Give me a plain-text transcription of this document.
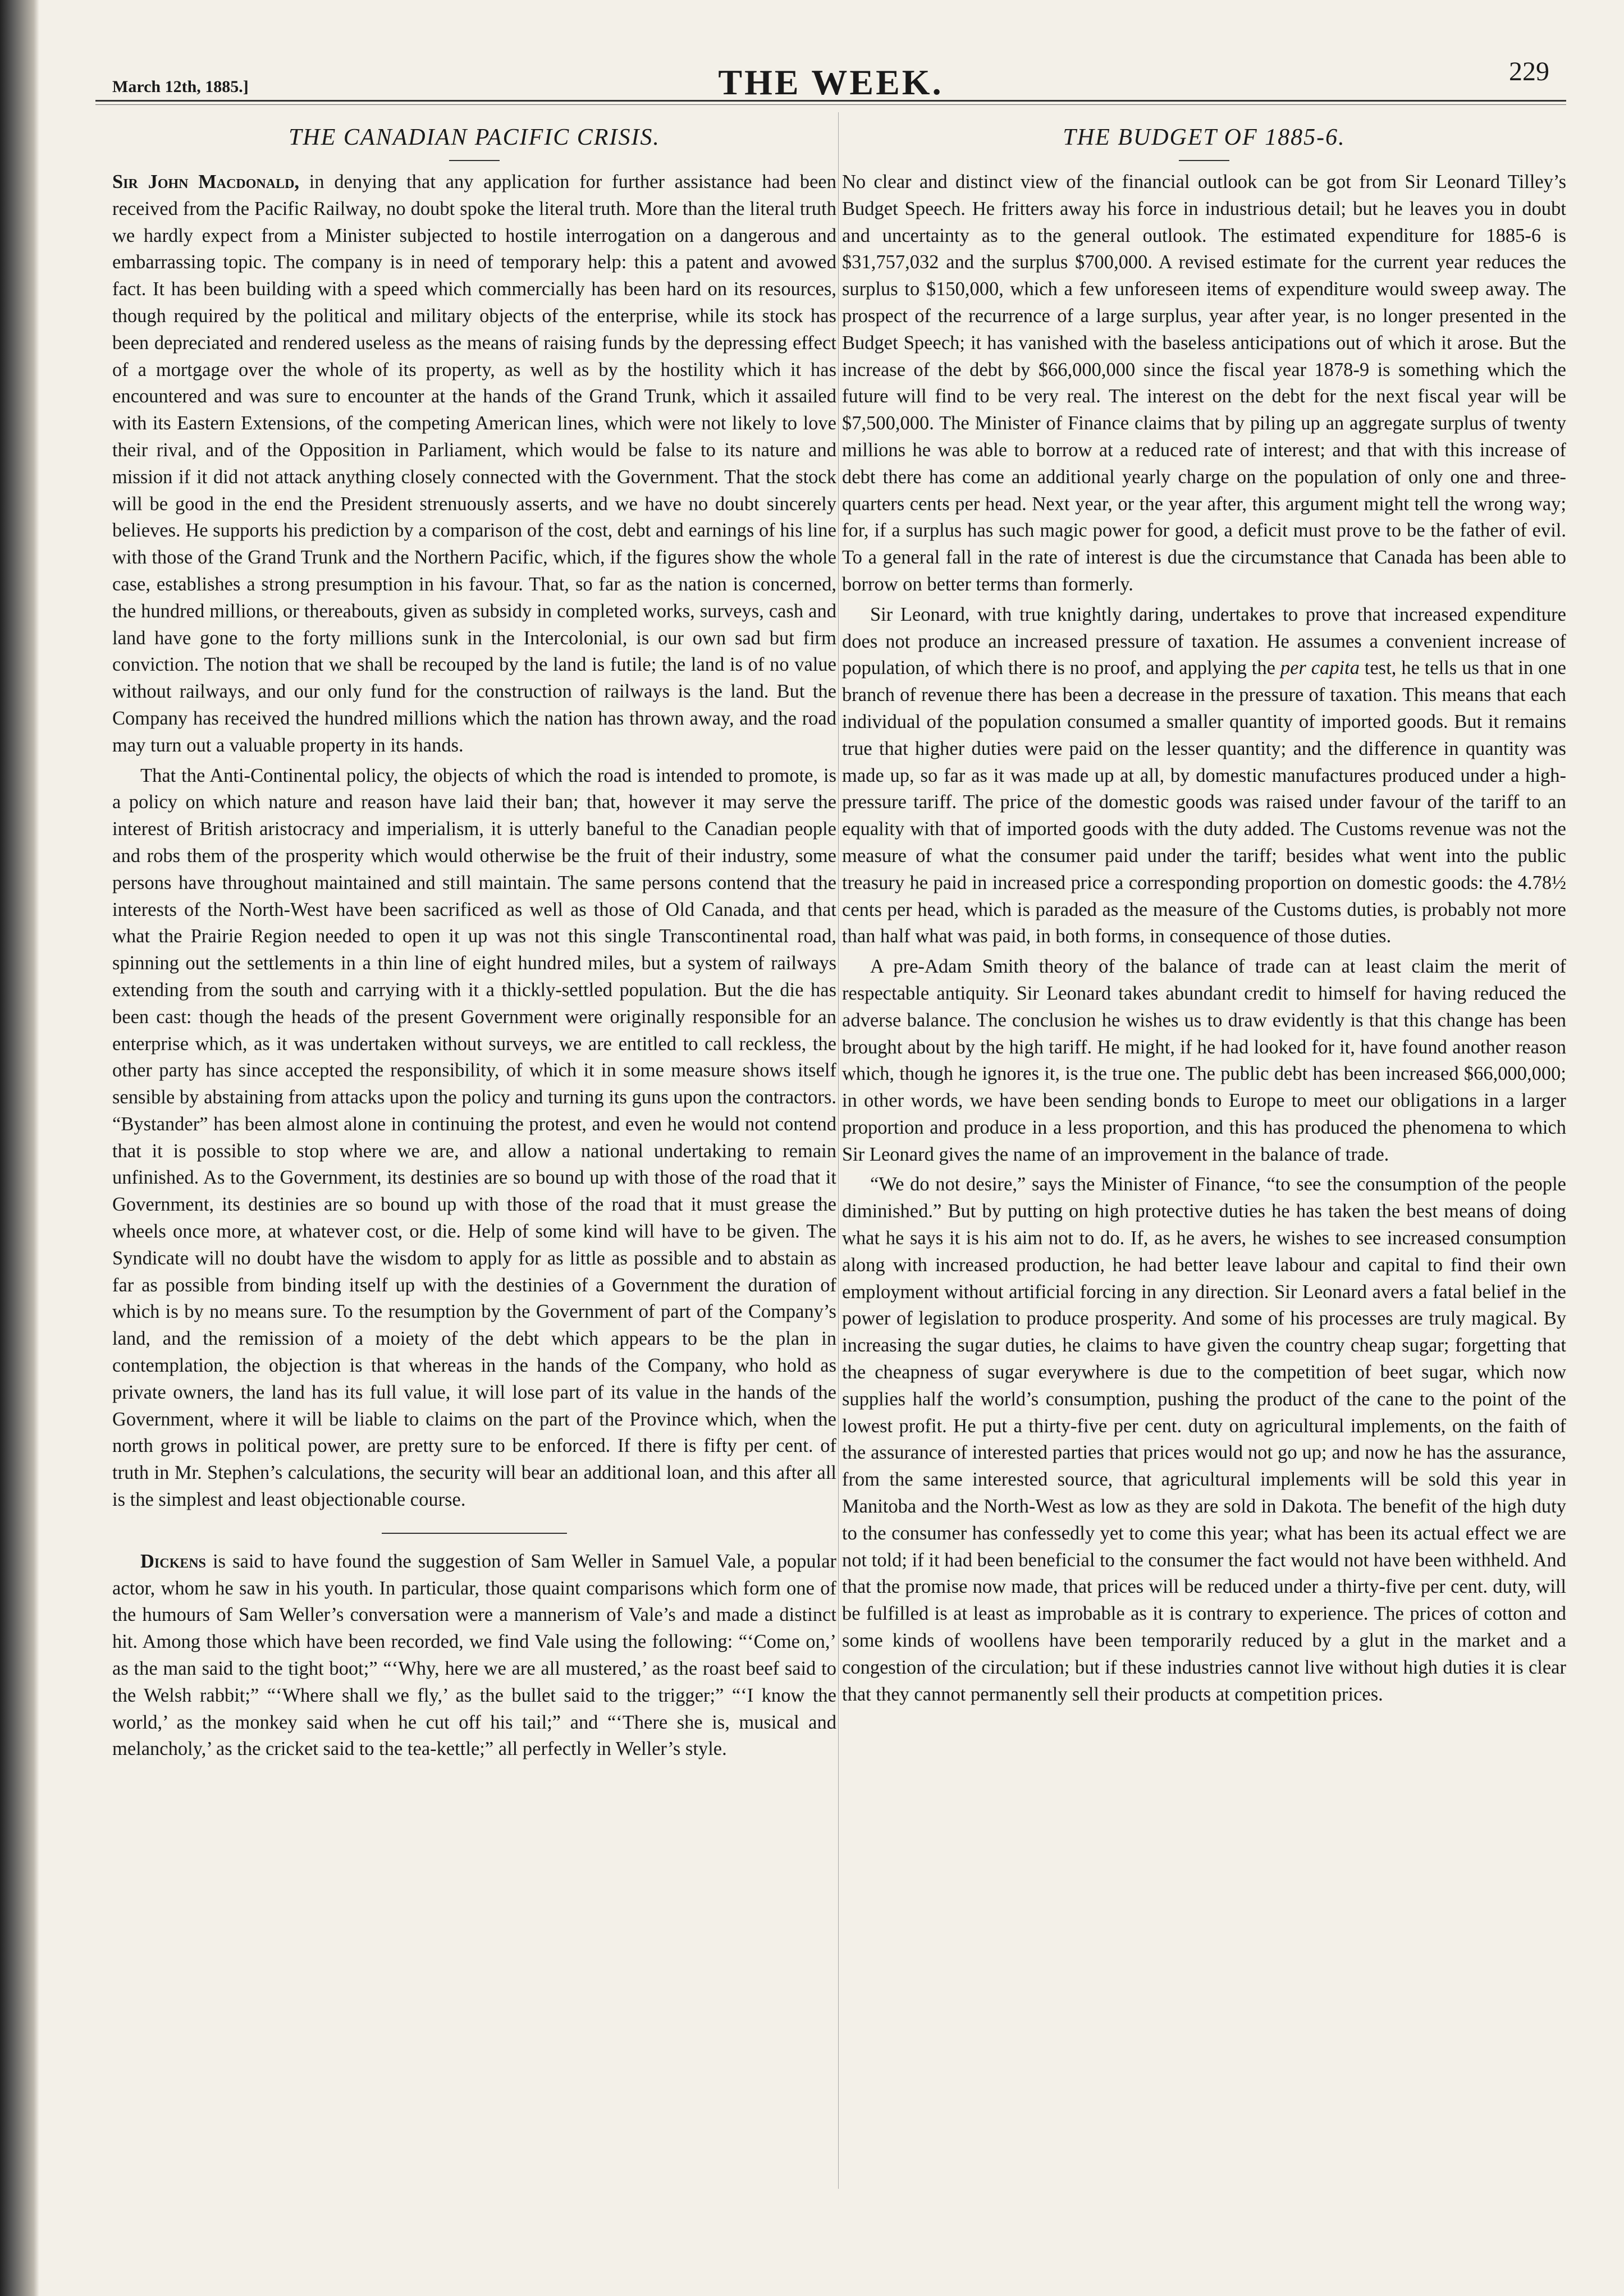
March 12th, 1885.]	THE WEEK.	229
THE CANADIAN PACIFIC CRISIS.

Sir John Macdonald, in denying that any application for further assistance had been received from the Pacific Railway, no doubt spoke the literal truth. More than the literal truth we hardly expect from a Minister subjected to hostile interrogation on a dangerous and embarrassing topic. The company is in need of temporary help: this a patent and avowed fact. It has been building with a speed which commercially has been hard on its resources, though required by the political and military objects of the enterprise, while its stock has been depreciated and rendered useless as the means of raising funds by the depressing effect of a mortgage over the whole of its property, as well as by the hostility which it has encountered and was sure to encounter at the hands of the Grand Trunk, which it assailed with its Eastern Extensions, of the competing American lines, which were not likely to love their rival, and of the Opposition in Parliament, which would be false to its nature and mission if it did not attack anything closely connected with the Government. That the stock will be good in the end the President strenuously asserts, and we have no doubt sincerely believes. He supports his prediction by a comparison of the cost, debt and earnings of his line with those of the Grand Trunk and the Northern Pacific, which, if the figures show the whole case, establishes a strong presumption in his favour. That, so far as the nation is concerned, the hundred millions, or thereabouts, given as subsidy in completed works, surveys, cash and land have gone to the forty millions sunk in the Intercolonial, is our own sad but firm conviction. The notion that we shall be recouped by the land is futile; the land is of no value without railways, and our only fund for the construction of railways is the land. But the Company has received the hundred millions which the nation has thrown away, and the road may turn out a valuable property in its hands.

That the Anti-Continental policy, the objects of which the road is intended to promote, is a policy on which nature and reason have laid their ban; that, however it may serve the interest of British aristocracy and imperialism, it is utterly baneful to the Canadian people and robs them of the prosperity which would otherwise be the fruit of their industry, some persons have throughout maintained and still maintain. The same persons contend that the interests of the North-West have been sacrificed as well as those of Old Canada, and that what the Prairie Region needed to open it up was not this single Transcontinental road, spinning out the settlements in a thin line of eight hundred miles, but a system of railways extending from the south and carrying with it a thickly-settled population. But the die has been cast: though the heads of the present Government were originally responsible for an enterprise which, as it was undertaken without surveys, we are entitled to call reckless, the other party has since accepted the responsibility, of which it in some measure shows itself sensible by abstaining from attacks upon the policy and turning its guns upon the contractors. “Bystander” has been almost alone in continuing the protest, and even he would not contend that it is possible to stop where we are, and allow a national undertaking to remain unfinished. As to the Government, its destinies are so bound up with those of the road that it Government, its destinies are so bound up with those of the road that it must grease the wheels once more, at whatever cost, or die. Help of some kind will have to be given. The Syndicate will no doubt have the wisdom to apply for as little as possible and to abstain as far as possible from binding itself up with the destinies of a Government the duration of which is by no means sure. To the resumption by the Government of part of the Company’s land, and the remission of a moiety of the debt which appears to be the plan in contemplation, the objection is that whereas in the hands of the Company, who hold as private owners, the land has its full value, it will lose part of its value in the hands of the Government, where it will be liable to claims on the part of the Province which, when the north grows in political power, are pretty sure to be enforced. If there is fifty per cent. of truth in Mr. Stephen’s calculations, the security will bear an additional loan, and this after all is the simplest and least objectionable course.

Dickens is said to have found the suggestion of Sam Weller in Samuel Vale, a popular actor, whom he saw in his youth. In particular, those quaint comparisons which form one of the humours of Sam Weller’s conversation were a mannerism of Vale’s and made a distinct hit. Among those which have been recorded, we find Vale using the following: “‘Come on,’ as the man said to the tight boot;” “‘Why, here we are all mustered,’ as the roast beef said to the Welsh rabbit;” “‘Where shall we fly,’ as the bullet said to the trigger;” “‘I know the world,’ as the monkey said when he cut off his tail;” and “‘There she is, musical and melancholy,’ as the cricket said to the tea-kettle;” all perfectly in Weller’s style.

THE BUDGET OF 1885-6.

No clear and distinct view of the financial outlook can be got from Sir Leonard Tilley’s Budget Speech. He fritters away his force in industrious detail; but he leaves you in doubt and uncertainty as to the general outlook. The estimated expenditure for 1885-6 is $31,757,032 and the surplus $700,000. A revised estimate for the current year reduces the surplus to $150,000, which a few unforeseen items of expenditure would sweep away. The prospect of the recurrence of a large surplus, year after year, is no longer presented in the Budget Speech; it has vanished with the baseless anticipations out of which it arose. But the increase of the debt by $66,000,000 since the fiscal year 1878-9 is something which the future will find to be very real. The interest on the debt for the next fiscal year will be $7,500,000. The Minister of Finance claims that by piling up an aggregate surplus of twenty millions he was able to borrow at a reduced rate of interest; and that with this increase of debt there has come an additional yearly charge on the population of only one and three-quarters cents per head. Next year, or the year after, this argument might tell the wrong way; for, if a surplus has such magic power for good, a deficit must prove to be the father of evil. To a general fall in the rate of interest is due the circumstance that Canada has been able to borrow on better terms than formerly.

Sir Leonard, with true knightly daring, undertakes to prove that increased expenditure does not produce an increased pressure of taxation. He assumes a convenient increase of population, of which there is no proof, and applying the per capita test, he tells us that in one branch of revenue there has been a decrease in the pressure of taxation. This means that each individual of the population consumed a smaller quantity of imported goods. But it remains true that higher duties were paid on the lesser quantity; and the difference in quantity was made up, so far as it was made up at all, by domestic manufactures produced under a high-pressure tariff. The price of the domestic goods was raised under favour of the tariff to an equality with that of imported goods with the duty added. The Customs revenue was not the measure of what the consumer paid under the tariff; besides what went into the public treasury he paid in increased price a corresponding proportion on domestic goods: the 4.78½ cents per head, which is paraded as the measure of the Customs duties, is probably not more than half what was paid, in both forms, in consequence of those duties.

A pre-Adam Smith theory of the balance of trade can at least claim the merit of respectable antiquity. Sir Leonard takes abundant credit to himself for having reduced the adverse balance. The conclusion he wishes us to draw evidently is that this change has been brought about by the high tariff. He might, if he had looked for it, have found another reason which, though he ignores it, is the true one. The public debt has been increased $66,000,000; in other words, we have been sending bonds to Europe to meet our obligations in a larger proportion and produce in a less proportion, and this has produced the phenomena to which Sir Leonard gives the name of an improvement in the balance of trade.

“We do not desire,” says the Minister of Finance, “to see the consumption of the people diminished.” But by putting on high protective duties he has taken the best means of doing what he says it is his aim not to do. If, as he avers, he wishes to see increased consumption along with increased production, he had better leave labour and capital to find their own employment without artificial forcing in any direction. Sir Leonard avers a fatal belief in the power of legislation to produce prosperity. And some of his processes are truly magical. By increasing the sugar duties, he claims to have given the country cheap sugar; forgetting that the cheapness of sugar everywhere is due to the competition of beet sugar, which now supplies half the world’s consumption, pushing the product of the cane to the point of the lowest profit. He put a thirty-five per cent. duty on agricultural implements, on the faith of the assurance of interested parties that prices would not go up; and now he has the assurance, from the same interested source, that agricultural implements will be sold this year in Manitoba and the North-West as low as they are sold in Dakota. The benefit of the high duty to the consumer has confessedly yet to come this year; what has been its actual effect we are not told; if it had been beneficial to the consumer the fact would not have been withheld. And that the promise now made, that prices will be reduced under a thirty-five per cent. duty, will be fulfilled is at least as improbable as it is contrary to experience. The prices of cotton and some kinds of woollens have been temporarily reduced by a glut in the market and a congestion of the circulation; but if these industries cannot live without high duties it is clear that they cannot permanently sell their products at competition prices.
